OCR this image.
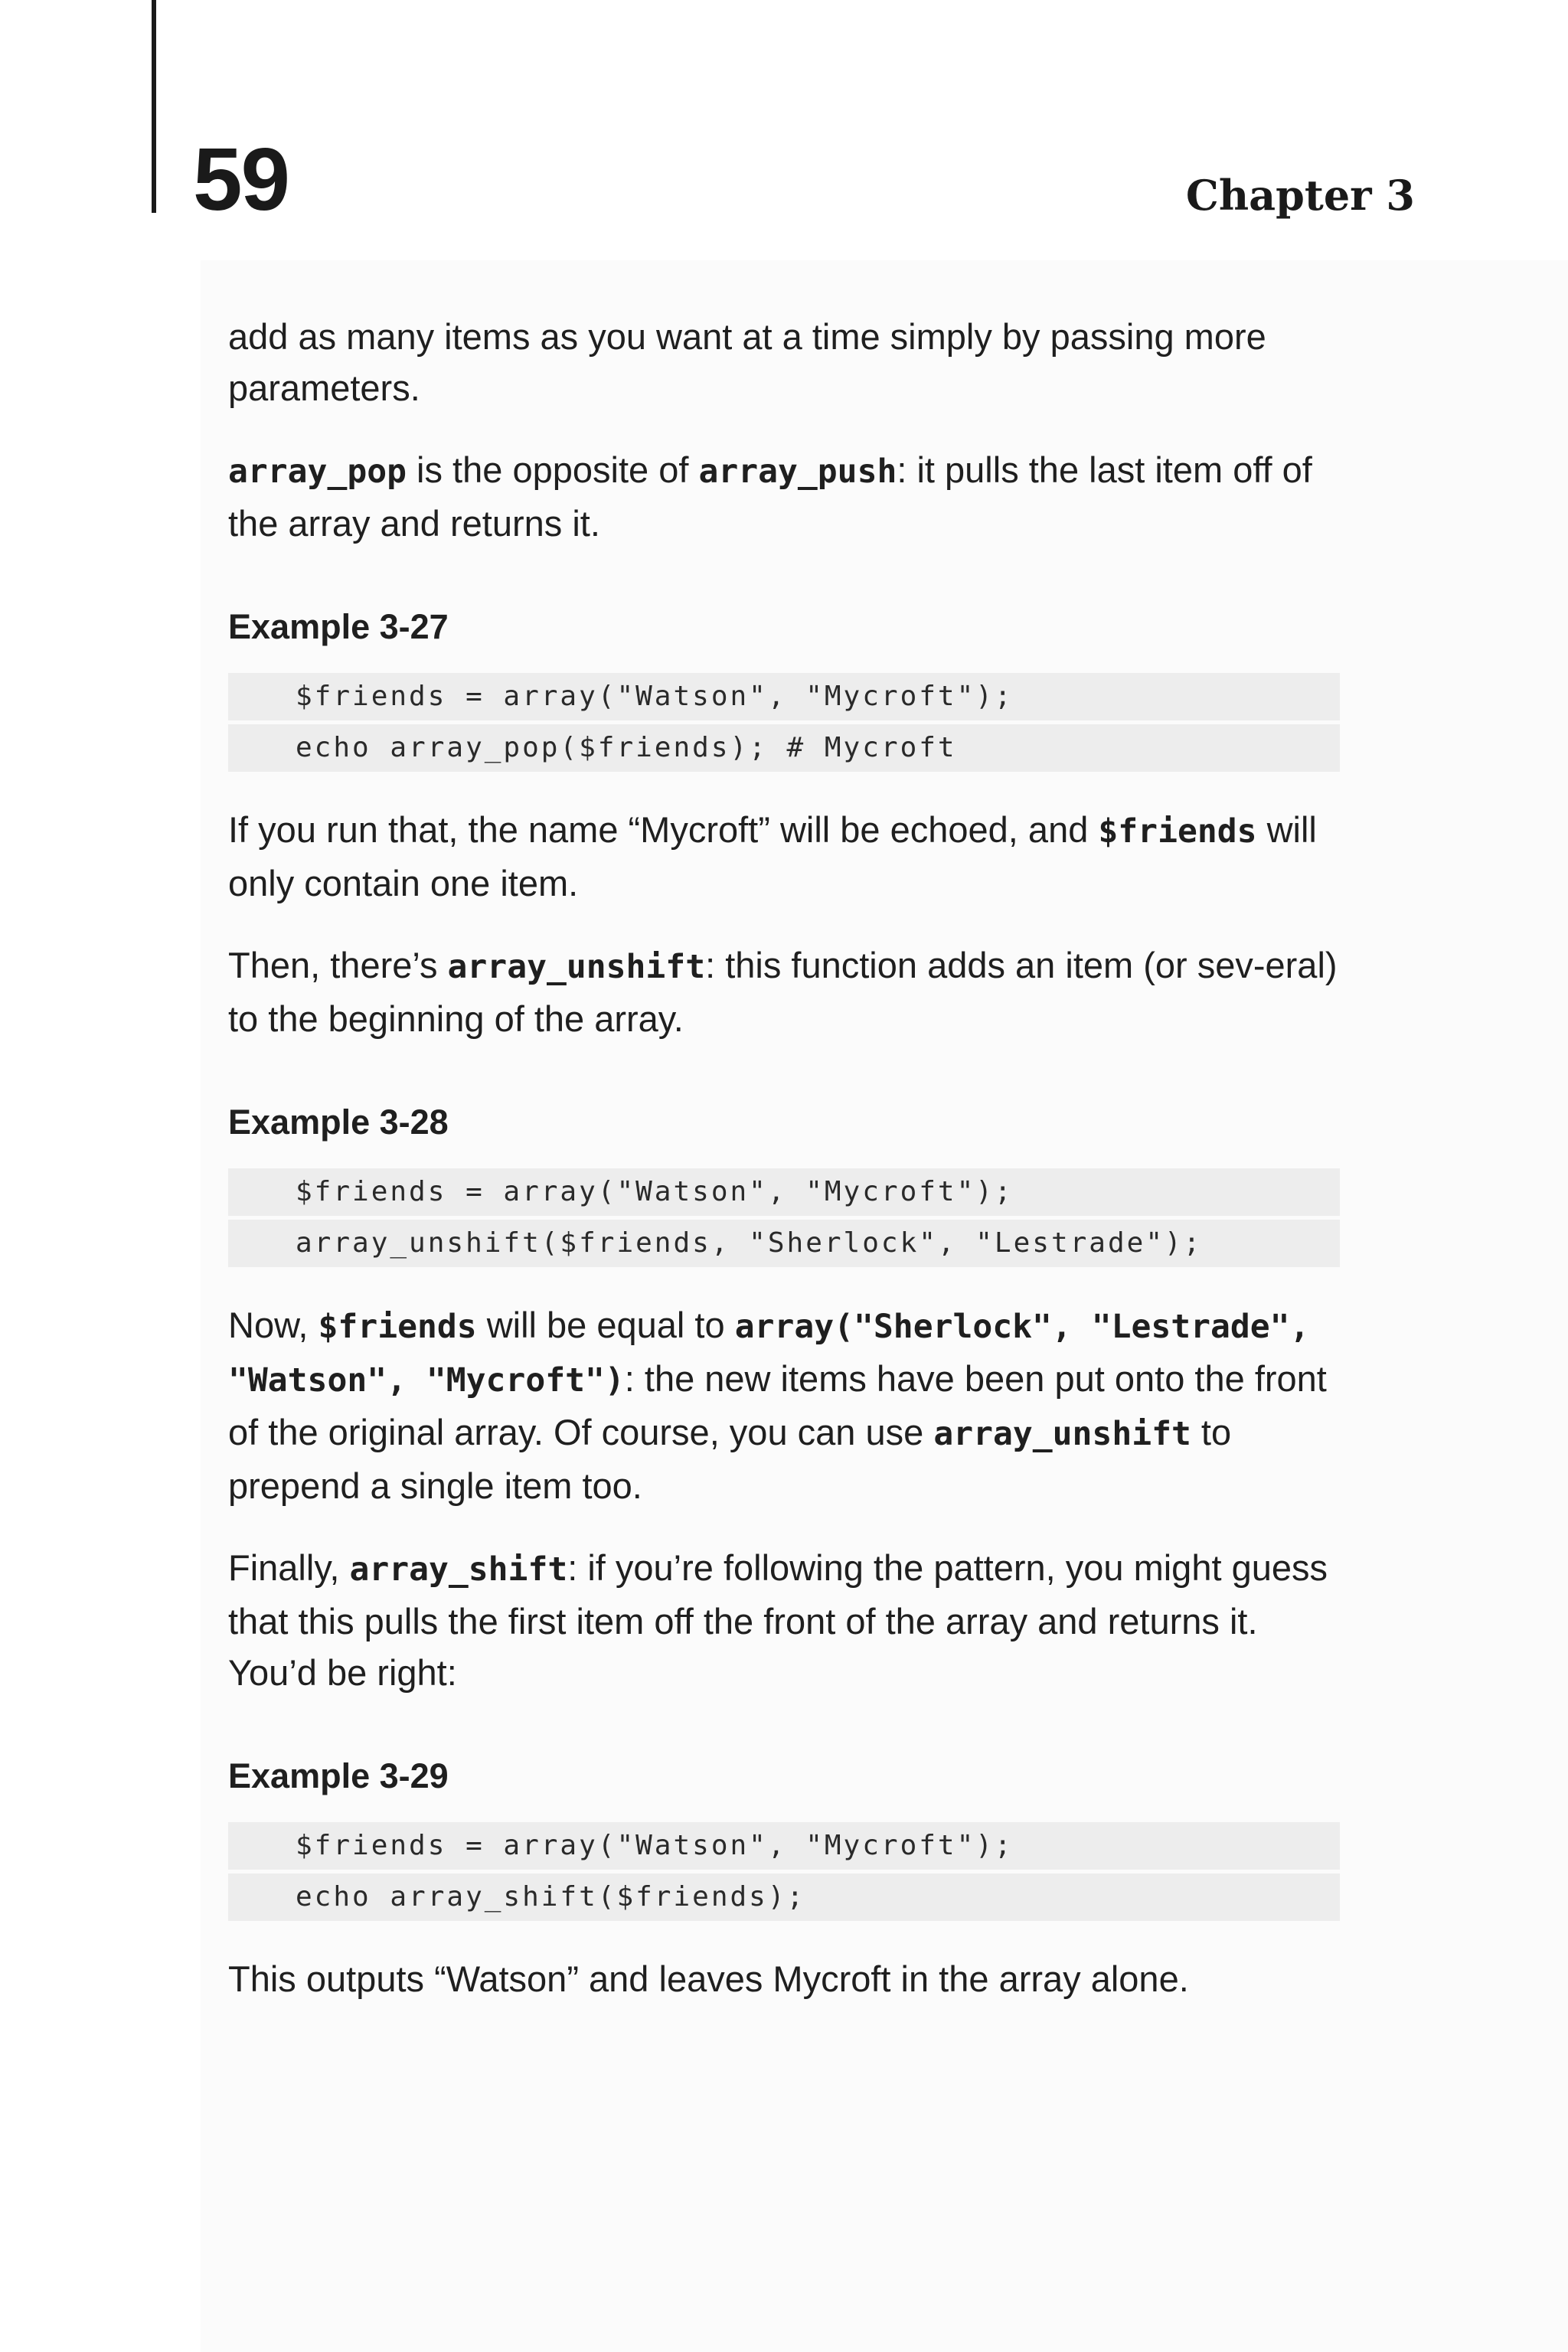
59	Chapter 3

add as many items as you want at a time simply by passing more parameters.

array_pop is the opposite of array_push: it pulls the last item off of the array and returns it.

Example 3-27
$friends = array("Watson", "Mycroft");
echo array_pop($friends); # Mycroft

If you run that, the name “Mycroft” will be echoed, and $friends will only contain one item.

Then, there’s array_unshift: this function adds an item (or sev-eral) to the beginning of the array.

Example 3-28
$friends = array("Watson", "Mycroft");
array_unshift($friends, "Sherlock", "Lestrade");

Now, $friends will be equal to array("Sherlock", "Lestrade", "Watson", "Mycroft"): the new items have been put onto the front of the original array. Of course, you can use array_unshift to prepend a single item too.

Finally, array_shift: if you’re following the pattern, you might guess that this pulls the first item off the front of the array and returns it. You’d be right:

Example 3-29
$friends = array("Watson", "Mycroft");
echo array_shift($friends);

This outputs “Watson” and leaves Mycroft in the array alone.
